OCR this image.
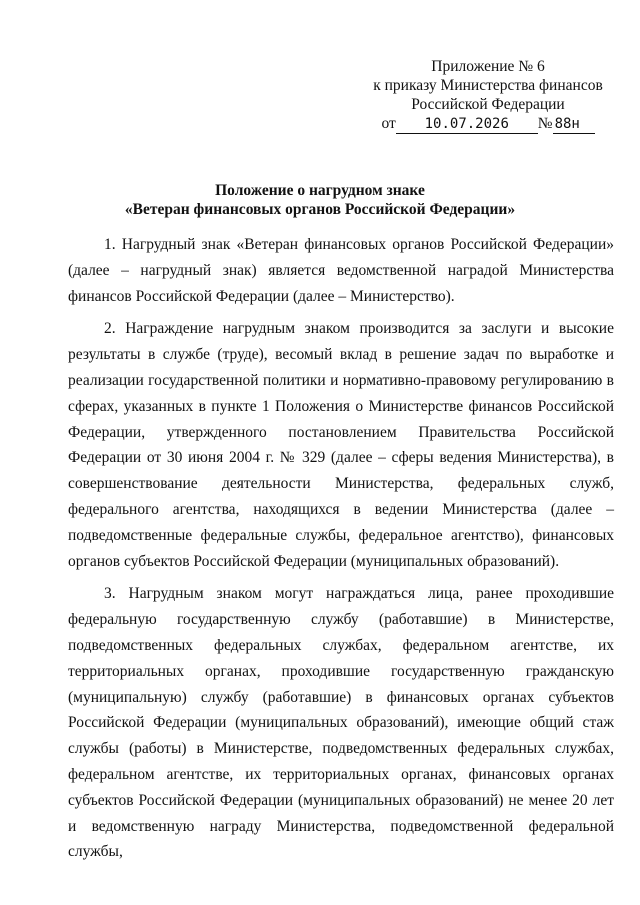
Приложение № 6
к приказу Министерства финансов
Российской Федерации
от	10.07.2026	№ 88н
Положение о нагрудном знаке
«Ветеран финансовых органов Российской Федерации»

1. Нагрудный знак «Ветеран финансовых органов Российской Федерации» (далее – нагрудный знак) является ведомственной наградой Министерства финансов Российской Федерации (далее – Министерство).

2. Награждение нагрудным знаком производится за заслуги и высокие результаты в службе (труде), весомый вклад в решение задач по выработке и реализации государственной политики и нормативно-правовому регулированию в сферах, указанных в пункте 1 Положения о Министерстве финансов Российской Федерации, утвержденного постановлением Правительства Российской Федерации от 30 июня 2004 г. № 329 (далее – сферы ведения Министерства), в совершенствование деятельности Министерства, федеральных служб, федерального агентства, находящихся в ведении Министерства (далее – подведомственные федеральные службы, федеральное агентство), финансовых органов субъектов Российской Федерации (муниципальных образований).

3. Нагрудным знаком могут награждаться лица, ранее проходившие федеральную государственную службу (работавшие) в Министерстве, подведомственных федеральных службах, федеральном агентстве, их территориальных органах, проходившие государственную гражданскую (муниципальную) службу (работавшие) в финансовых органах субъектов Российской Федерации (муниципальных образований), имеющие общий стаж службы (работы) в Министерстве, подведомственных федеральных службах, федеральном агентстве, их территориальных органах, финансовых органах субъектов Российской Федерации (муниципальных образований) не менее 20 лет и ведомственную награду Министерства, подведомственной федеральной службы,
